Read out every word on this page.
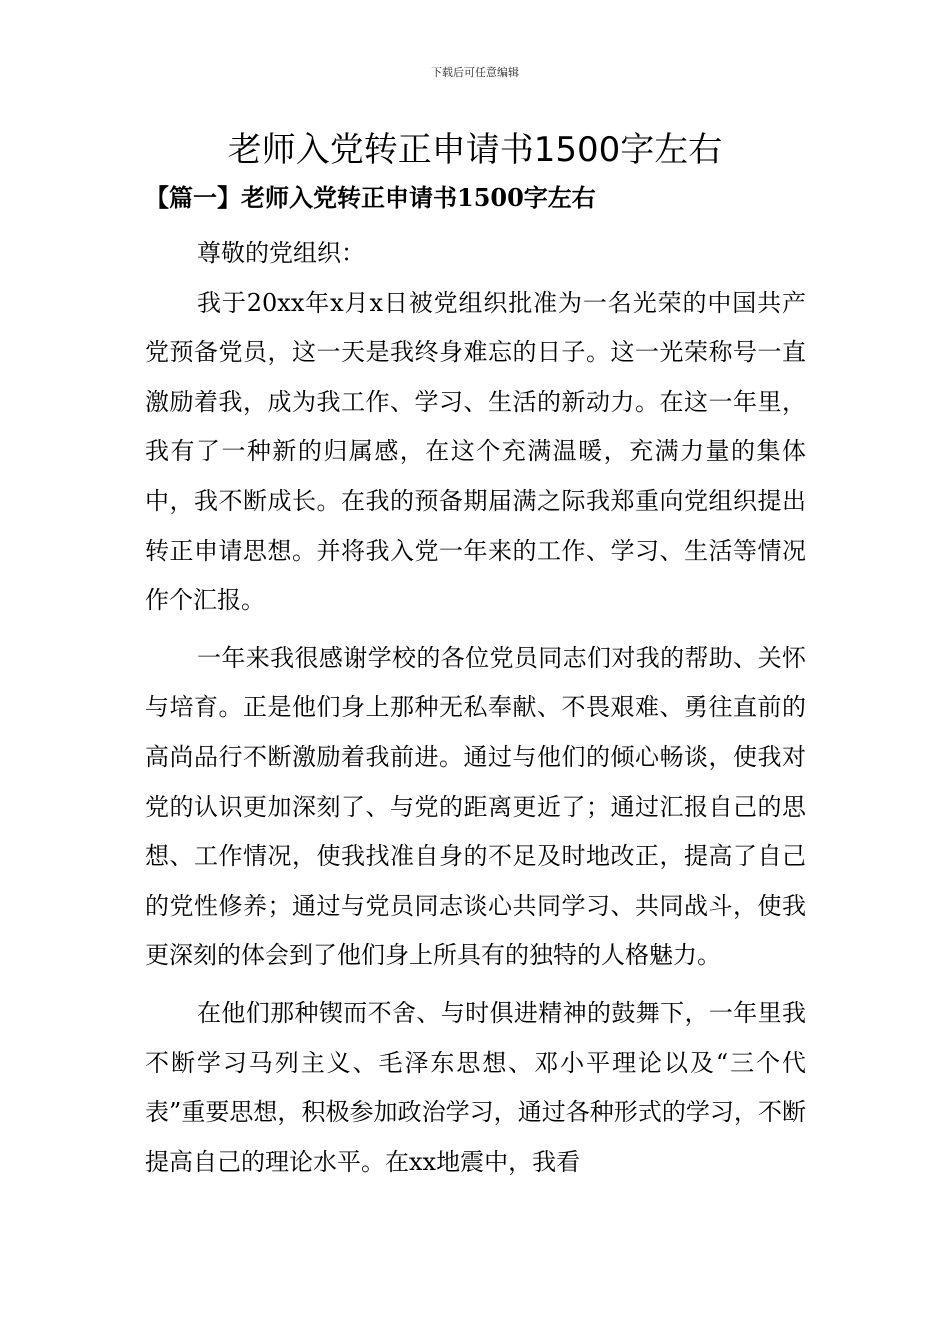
下载后可任意编辑
老师入党转正申请书1500字左右
【篇一】老师入党转正申请书1500字左右

尊敬的党组织：

我于20xx年x月x日被党组织批准为一名光荣的中国共产党预备党员，这一天是我终身难忘的日子。这一光荣称号一直激励着我，成为我工作、学习、生活的新动力。在这一年里，我有了一种新的归属感，在这个充满温暖，充满力量的集体中，我不断成长。在我的预备期届满之际我郑重向党组织提出转正申请思想。并将我入党一年来的工作、学习、生活等情况作个汇报。

一年来我很感谢学校的各位党员同志们对我的帮助、关怀与培育。正是他们身上那种无私奉献、不畏艰难、勇往直前的高尚品行不断激励着我前进。通过与他们的倾心畅谈，使我对党的认识更加深刻了、与党的距离更近了；通过汇报自己的思想、工作情况，使我找准自身的不足及时地改正，提高了自己的党性修养；通过与党员同志谈心共同学习、共同战斗，使我更深刻的体会到了他们身上所具有的独特的人格魅力。

在他们那种锲而不舍、与时俱进精神的鼓舞下，一年里我不断学习马列主义、毛泽东思想、邓小平理论以及“三个代表”重要思想，积极参加政治学习，通过各种形式的学习，不断提高自己的理论水平。在xx地震中，我看
